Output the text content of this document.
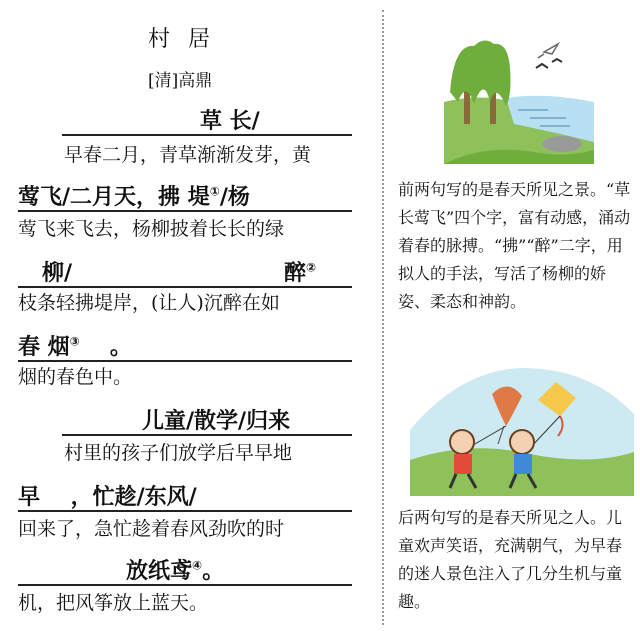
村居
[清]高鼎
草 长/
早春二月，青草渐渐发芽，黄
莺飞/二月天，拂 堤①/杨
莺飞来飞去，杨柳披着长长的绿
柳/	醉②
枝条轻拂堤岸，(让人)沉醉在如
春 烟③ 。
烟的春色中。
儿童/散学/归来
村里的孩子们放学后早早地
早    ，忙趁/东风/
回来了，急忙趁着春风劲吹的时
放纸鸢④。
机，把风筝放上蓝天。
前两句写的是春天所见之景。“草长莺飞”四个字，富有动感，涌动着春的脉搏。“拂”“醉”二字，用拟人的手法，写活了杨柳的娇姿、柔态和神韵。
后两句写的是春天所见之人。儿童欢声笑语，充满朝气，为早春的迷人景色注入了几分生机与童趣。
